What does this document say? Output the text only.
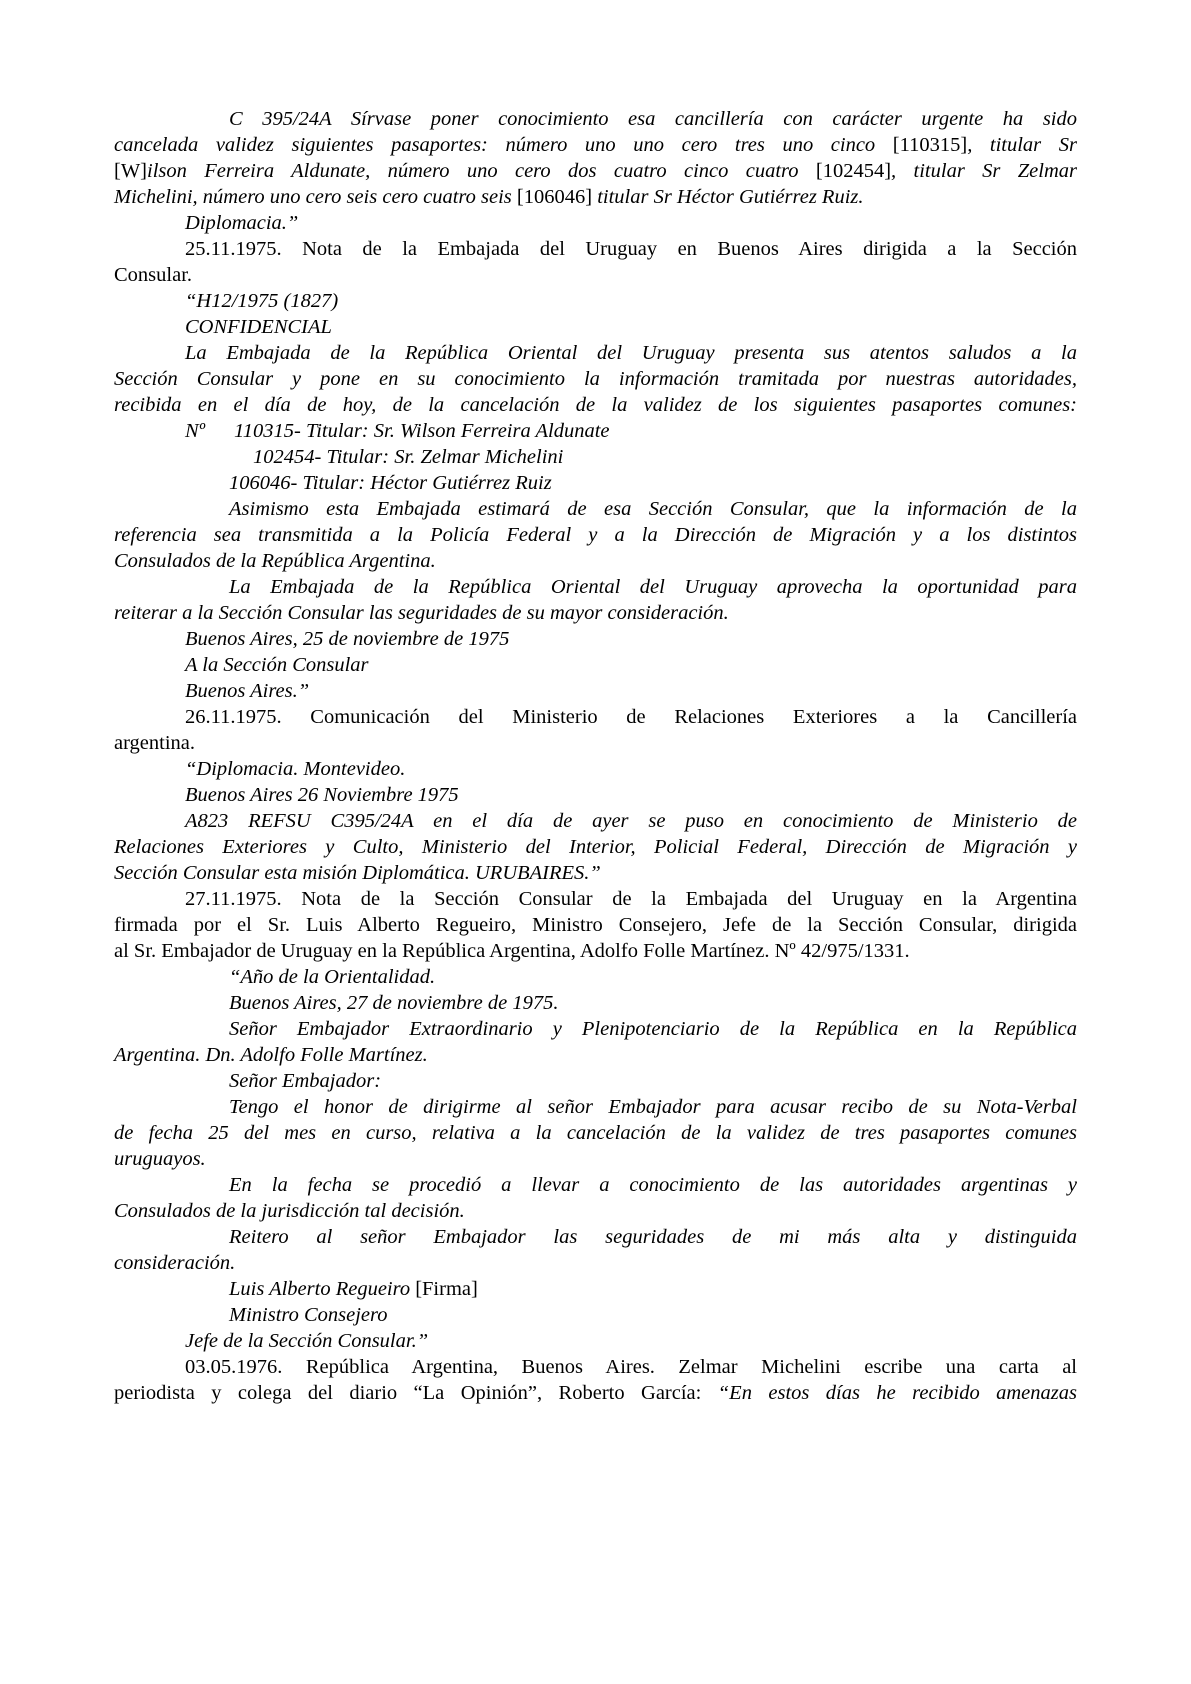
C 395/24A Sírvase poner conocimiento esa cancillería con carácter urgente ha sido
cancelada validez siguientes pasaportes: número uno uno cero tres uno cinco [110315], titular Sr
[W]ilson Ferreira Aldunate, número uno cero dos cuatro cinco cuatro [102454], titular Sr Zelmar
Michelini, número uno cero seis cero cuatro seis [106046] titular Sr Héctor Gutiérrez Ruiz.
Diplomacia.”
25.11.1975. Nota de la Embajada del Uruguay en Buenos Aires dirigida a la Sección
Consular.
“H12/1975 (1827)
CONFIDENCIAL
La Embajada de la República Oriental del Uruguay presenta sus atentos saludos a la
Sección Consular y pone en su conocimiento la información tramitada por nuestras autoridades,
recibida en el día de hoy, de la cancelación de la validez de los siguientes pasaportes comunes:
Nº 110315- Titular: Sr. Wilson Ferreira Aldunate
102454- Titular: Sr. Zelmar Michelini
106046- Titular: Héctor Gutiérrez Ruiz
Asimismo esta Embajada estimará de esa Sección Consular, que la información de la
referencia sea transmitida a la Policía Federal y a la Dirección de Migración y a los distintos
Consulados de la República Argentina.
La Embajada de la República Oriental del Uruguay aprovecha la oportunidad para
reiterar a la Sección Consular las seguridades de su mayor consideración.
Buenos Aires, 25 de noviembre de 1975
A la Sección Consular
Buenos Aires.”
26.11.1975. Comunicación del Ministerio de Relaciones Exteriores a la Cancillería
argentina.
“Diplomacia. Montevideo.
Buenos Aires 26 Noviembre 1975
A823 REFSU C395/24A en el día de ayer se puso en conocimiento de Ministerio de
Relaciones Exteriores y Culto, Ministerio del Interior, Policial Federal, Dirección de Migración y
Sección Consular esta misión Diplomática. URUBAIRES.”
27.11.1975. Nota de la Sección Consular de la Embajada del Uruguay en la Argentina
firmada por el Sr. Luis Alberto Regueiro, Ministro Consejero, Jefe de la Sección Consular, dirigida
al Sr. Embajador de Uruguay en la República Argentina, Adolfo Folle Martínez. Nº 42/975/1331.
“Año de la Orientalidad.
Buenos Aires, 27 de noviembre de 1975.
Señor Embajador Extraordinario y Plenipotenciario de la República en la República
Argentina. Dn. Adolfo Folle Martínez.
Señor Embajador:
Tengo el honor de dirigirme al señor Embajador para acusar recibo de su Nota-Verbal
de fecha 25 del mes en curso, relativa a la cancelación de la validez de tres pasaportes comunes
uruguayos.
En la fecha se procedió a llevar a conocimiento de las autoridades argentinas y
Consulados de la jurisdicción tal decisión.
Reitero al señor Embajador las seguridades de mi más alta y distinguida
consideración.
Luis Alberto Regueiro [Firma]
Ministro Consejero
Jefe de la Sección Consular.”
03.05.1976. República Argentina, Buenos Aires. Zelmar Michelini escribe una carta al
periodista y colega del diario “La Opinión”, Roberto García: “En estos días he recibido amenazas
